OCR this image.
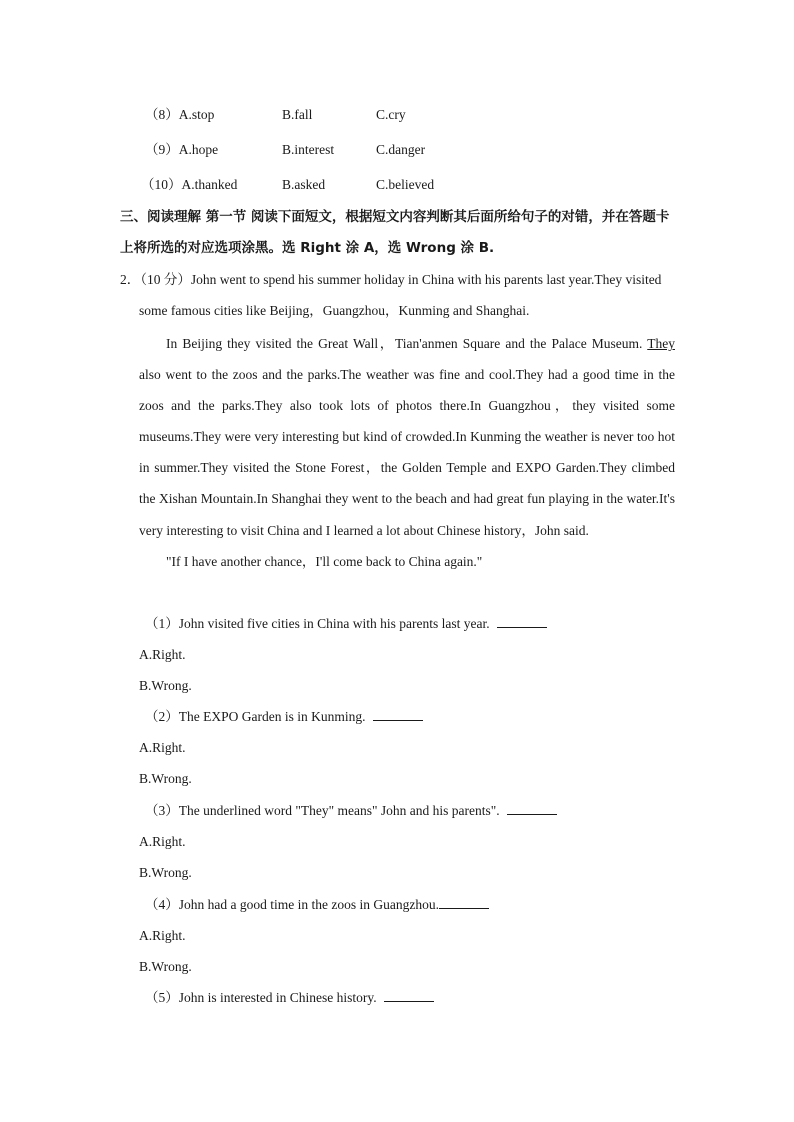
（8）A.stop	B.fall	C.cry
（9）A.hope	B.interest	C.danger
（10）A.thanked	B.asked	C.believed
三、阅读理解 第一节 阅读下面短文，根据短文内容判断其后面所给句子的对错，并在答题卡上将所选的对应选项涂黑。选 Right 涂 A，选 Wrong 涂 B.
2．（10 分）John went to spend his summer holiday in China with his parents last year.They visited
some famous cities like Beijing，Guangzhou，Kunming and Shanghai.

In Beijing they visited the Great Wall，Tian'anmen Square and the Palace Museum. They also went to the zoos and the parks.The weather was fine and cool.They had a good time in the zoos and the parks.They also took lots of photos there.In Guangzhou，they visited some museums.They were very interesting but kind of crowded.In Kunming the weather is never too hot in summer.They visited the Stone Forest，the Golden Temple and EXPO Garden.They climbed the Xishan Mountain.In Shanghai they went to the beach and had great fun playing in the water.It's very interesting to visit China and I learned a lot about Chinese history，John said.

"If I have another chance，I'll come back to China again."

（1）John visited five cities in China with his parents last year.
A.Right.
B.Wrong.
（2）The EXPO Garden is in Kunming.
A.Right.
B.Wrong.
（3）The underlined word "They" means" John and his parents".
A.Right.
B.Wrong.
（4）John had a good time in the zoos in Guangzhou.
A.Right.
B.Wrong.
（5）John is interested in Chinese history.
